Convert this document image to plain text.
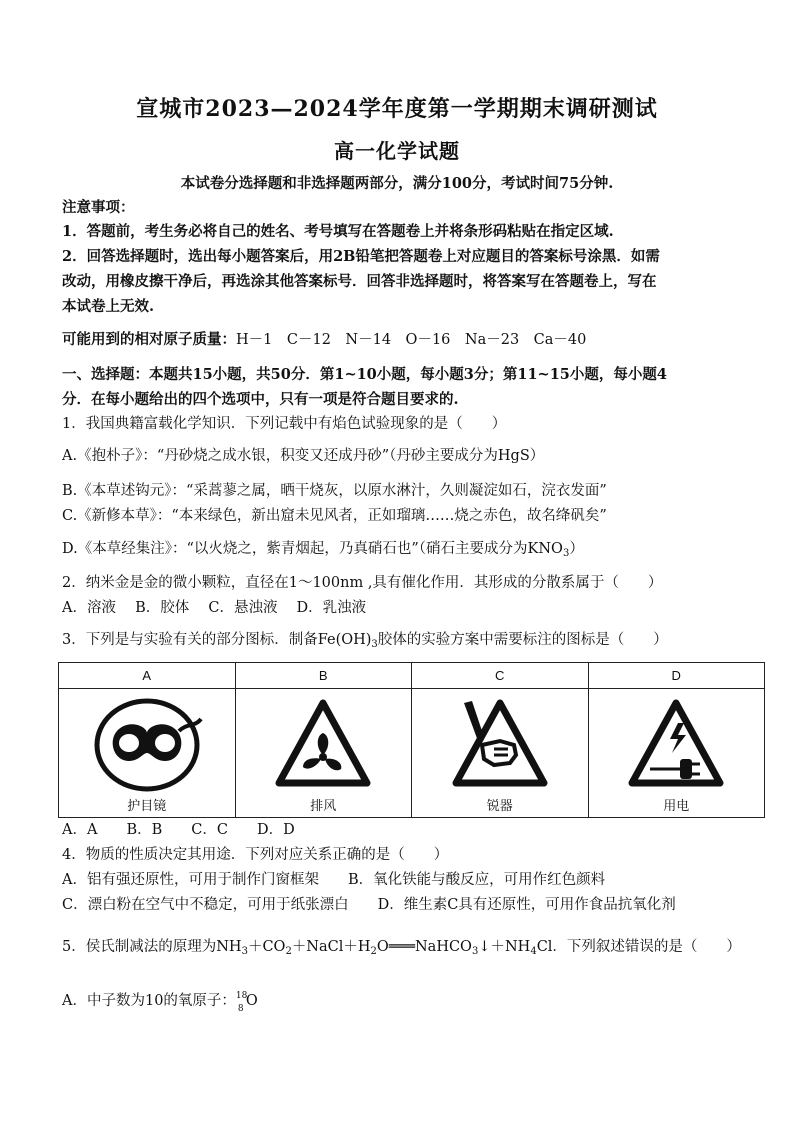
宣城市2023—2024学年度第一学期期末调研测试
高一化学试题
本试卷分选择题和非选择题两部分，满分100分，考试时间75分钟.
注意事项：
1．答题前，考生务必将自己的姓名、考号填写在答题卷上并将条形码粘贴在指定区域.
2．回答选择题时，选出每小题答案后，用2B铅笔把答题卷上对应题目的答案标号涂黑．如需
改动，用橡皮擦干净后，再选涂其他答案标号．回答非选择题时，将答案写在答题卷上，写在
本试卷上无效.
可能用到的相对原子质量：H－1　C－12　N－14　O－16　Na－23　Ca－40
一、选择题：本题共15小题，共50分．第1~10小题，每小题3分；第11~15小题，每小题4
分．在每小题给出的四个选项中，只有一项是符合题目要求的.
1．我国典籍富载化学知识．下列记载中有焰色试验现象的是（　　）
A.《抱朴子》：“丹砂烧之成水银，积变又还成丹砂”（丹砂主要成分为HgS）
B.《本草述钩元》：“采蒿蓼之属，晒干烧灰，以原水淋汁，久则凝淀如石，浣衣发面”
C.《新修本草》：“本来绿色，新出窟未见风者，正如瑠璃……烧之赤色，故名绛矾矣”
D.《本草经集注》：“以火烧之，紫青烟起，乃真硝石也”（硝石主要成分为$KNO_3$）
2．纳米金是金的微小颗粒，直径在1～100nm ,具有催化作用．其形成的分散系属于（　　）
A．溶液　 B．胶体　 C．悬浊液　 D．乳浊液
3．下列是与实验有关的部分图标．制备$Fe(OH)_3$胶体的实验方案中需要标注的图标是（　　）
A	B	C	D

护目镜	排风	锐器	用电
A．A　　B．B　　C．C　　D．D
4．物质的性质决定其用途．下列对应关系正确的是（　　）
A．铝有强还原性，可用于制作门窗框架　　B．氧化铁能与酸反应，可用作红色颜料
C．漂白粉在空气中不稳定，可用于纸张漂白　　D．维生素C具有还原性，可用作食品抗氧化剂
5．侯氏制减法的原理为$NH_3+CO_2+NaCl+H_2O═══NaHCO_3↓+NH_4Cl$．下列叙述错误的是（　　）
A．中子数为10的氧原子： 18
8 O
